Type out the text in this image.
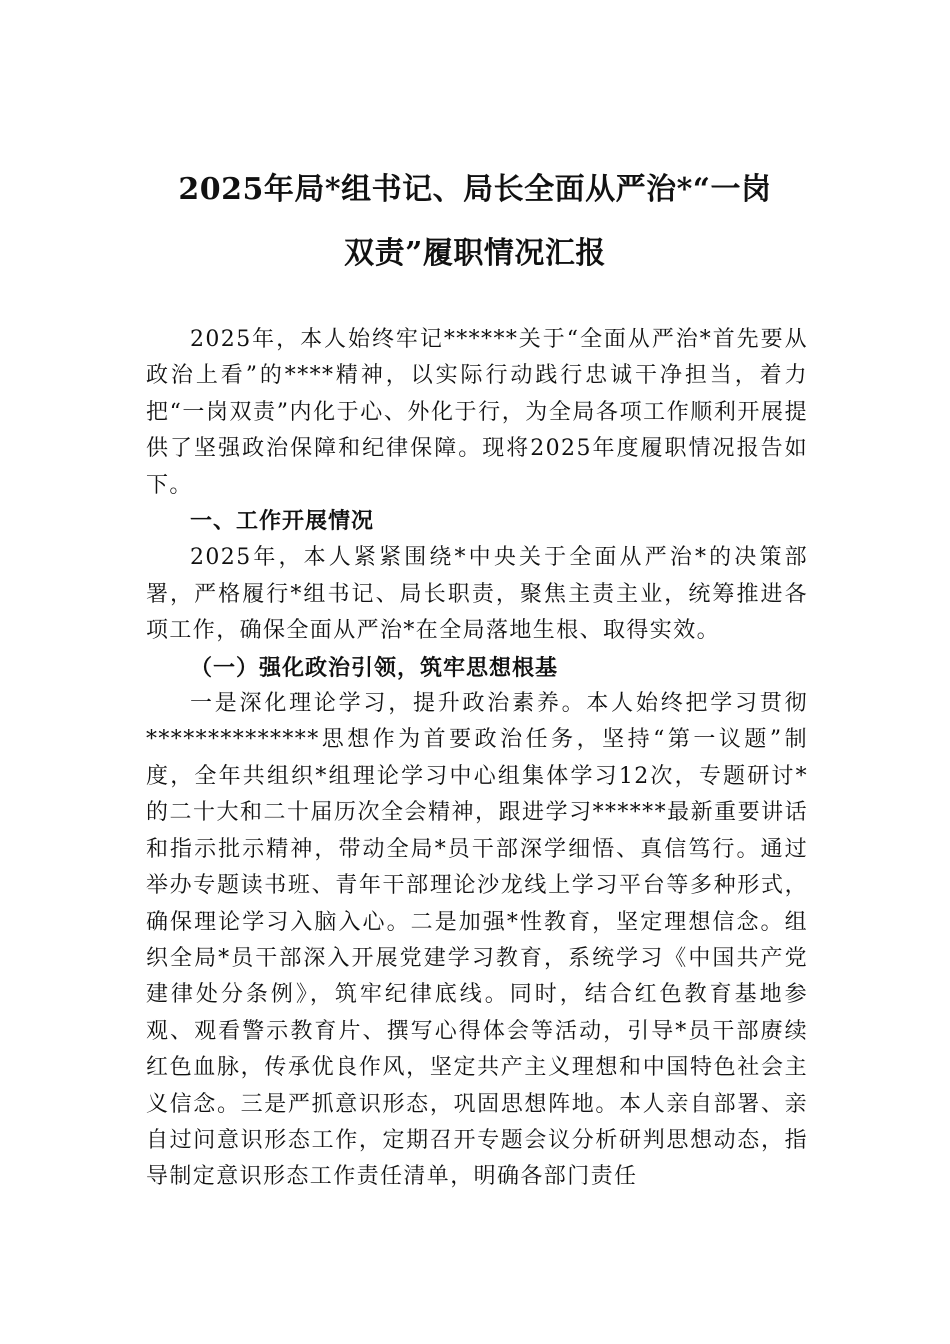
2025年局*组书记、局长全面从严治*“一岗
双责”履职情况汇报

2025年，本人始终牢记******关于“全面从严治*首先要从政治上看”的****精神，以实际行动践行忠诚干净担当，着力把“一岗双责”内化于心、外化于行，为全局各项工作顺利开展提供了坚强政治保障和纪律保障。现将2025年度履职情况报告如下。

一、工作开展情况

2025年，本人紧紧围绕*中央关于全面从严治*的决策部署，严格履行*组书记、局长职责，聚焦主责主业，统筹推进各项工作，确保全面从严治*在全局落地生根、取得实效。

（一）强化政治引领，筑牢思想根基

一是深化理论学习，提升政治素养。本人始终把学习贯彻**************思想作为首要政治任务，坚持“第一议题”制度，全年共组织*组理论学习中心组集体学习12次，专题研讨*的二十大和二十届历次全会精神，跟进学习******最新重要讲话和指示批示精神，带动全局*员干部深学细悟、真信笃行。通过举办专题读书班、青年干部理论沙龙线上学习平台等多种形式，确保理论学习入脑入心。二是加强*性教育，坚定理想信念。组织全局*员干部深入开展党建学习教育，系统学习《中国共产党建律处分条例》，筑牢纪律底线。同时，结合红色教育基地参观、观看警示教育片、撰写心得体会等活动，引导*员干部赓续红色血脉，传承优良作风，坚定共产主义理想和中国特色社会主义信念。三是严抓意识形态，巩固思想阵地。本人亲自部署、亲自过问意识形态工作，定期召开专题会议分析研判思想动态，指导制定意识形态工作责任清单，明确各部门责任
